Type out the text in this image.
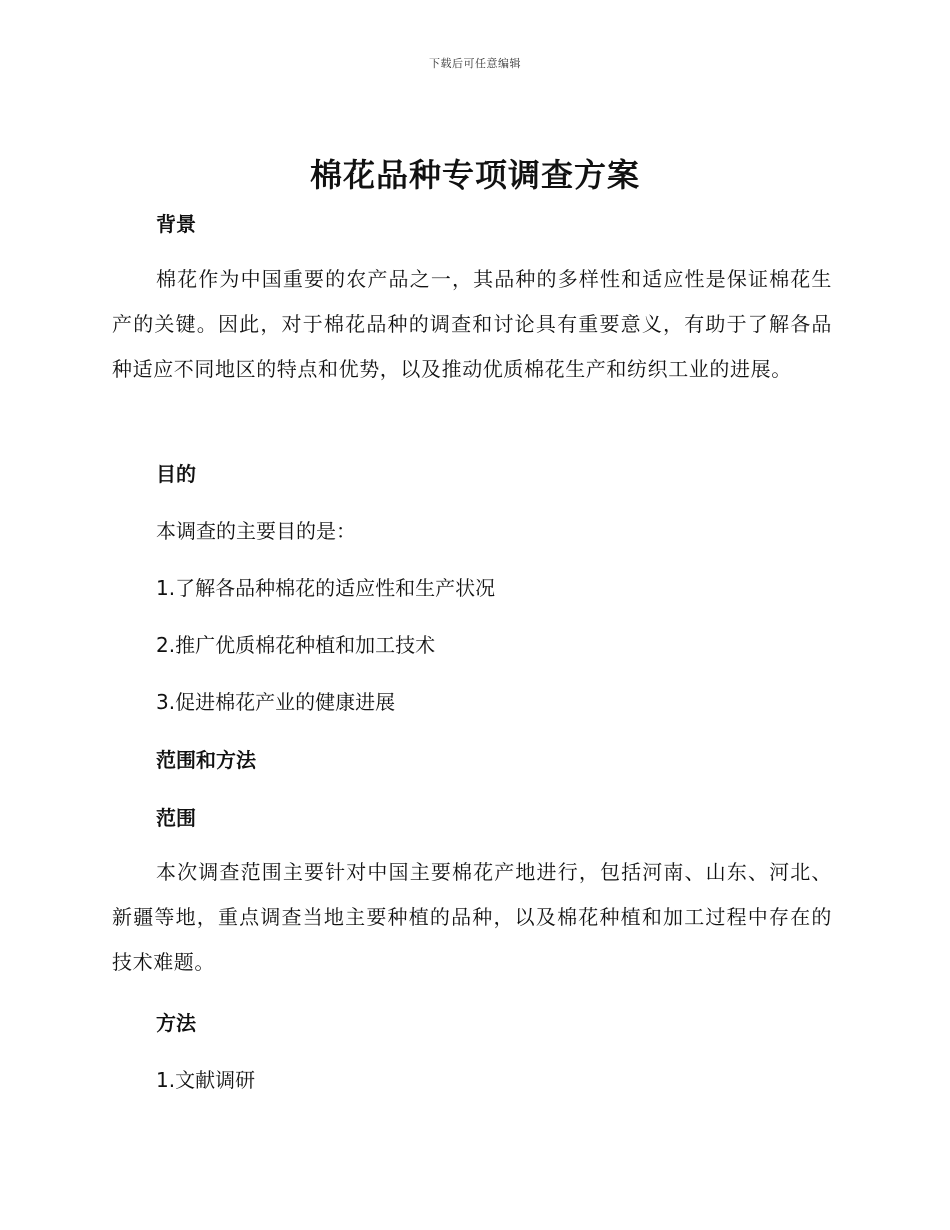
下载后可任意编辑
棉花品种专项调查方案
背景

棉花作为中国重要的农产品之一，其品种的多样性和适应性是保证棉花生产的关键。因此，对于棉花品种的调查和讨论具有重要意义，有助于了解各品种适应不同地区的特点和优势，以及推动优质棉花生产和纺织工业的进展。

目的

本调查的主要目的是：

1.了解各品种棉花的适应性和生产状况

2.推广优质棉花种植和加工技术

3.促进棉花产业的健康进展

范围和方法
范围

本次调查范围主要针对中国主要棉花产地进行，包括河南、山东、河北、新疆等地，重点调查当地主要种植的品种，以及棉花种植和加工过程中存在的技术难题。

方法

1.文献调研
